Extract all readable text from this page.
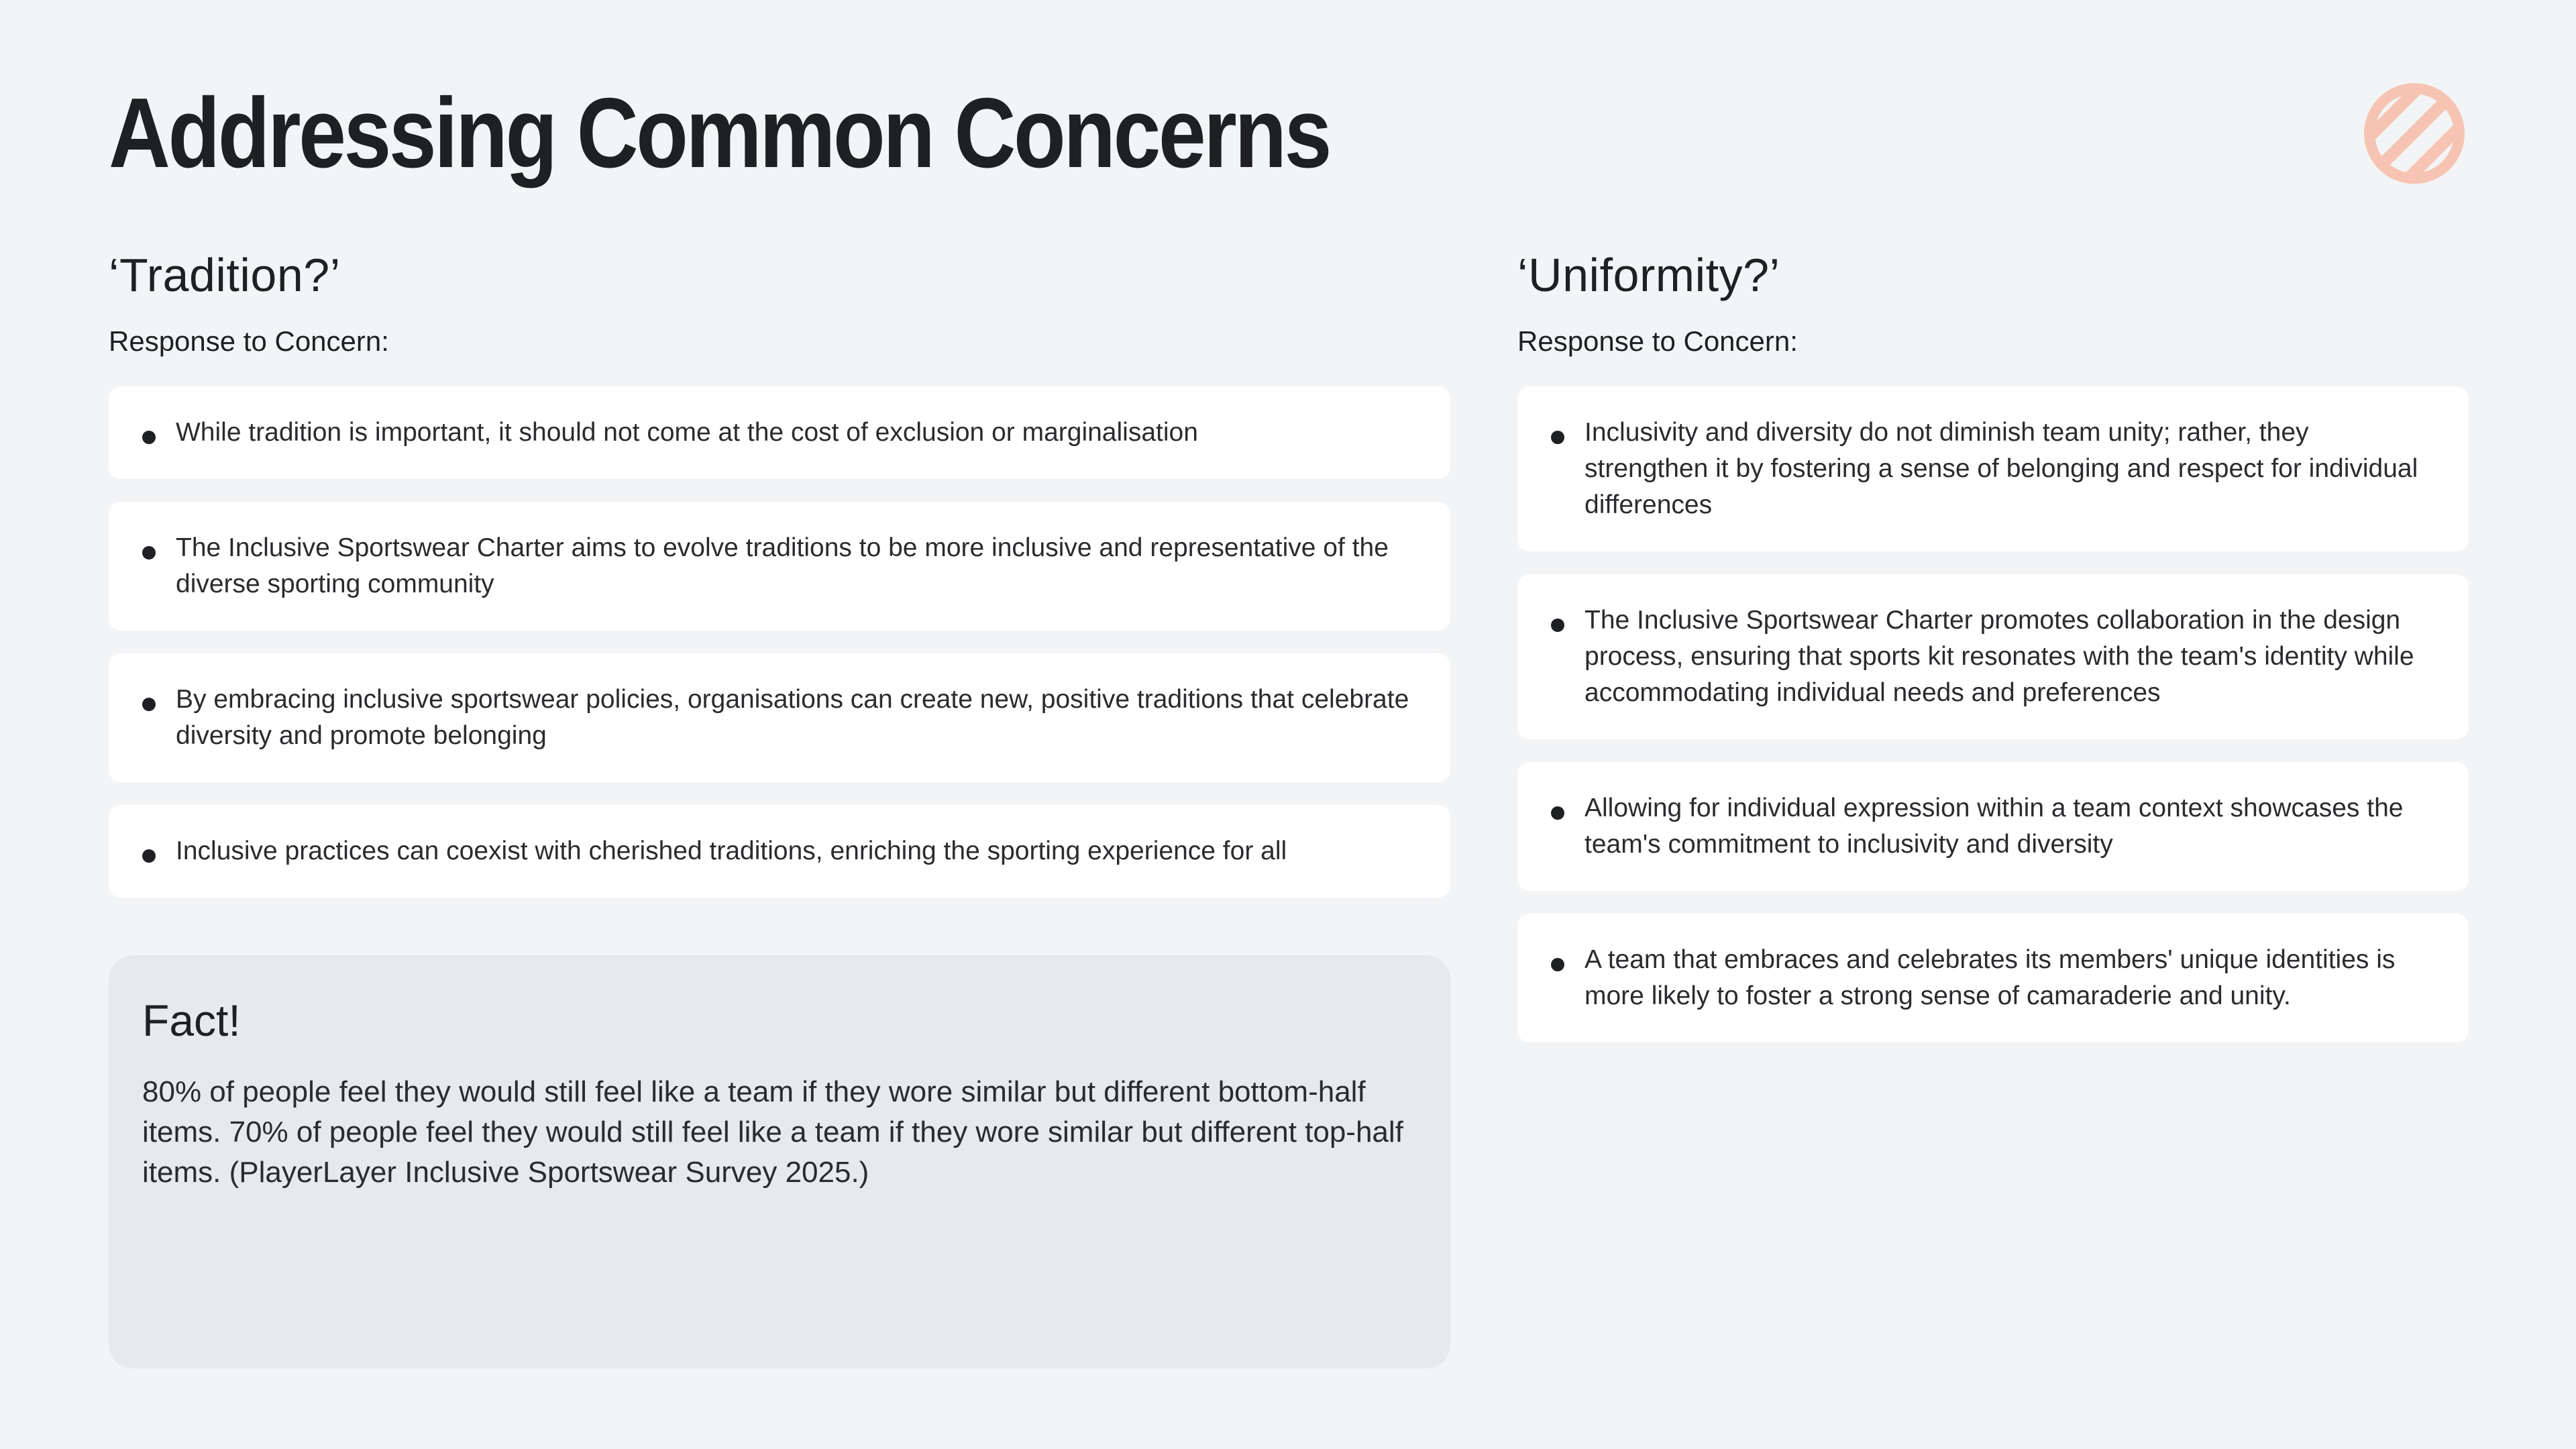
Addressing Common Concerns
‘Tradition?’
Response to Concern:
While tradition is important, it should not come at the cost of exclusion or marginalisation
The Inclusive Sportswear Charter aims to evolve traditions to be more inclusive and representative of the diverse sporting community
By embracing inclusive sportswear policies, organisations can create new, positive traditions that celebrate diversity and promote belonging
Inclusive practices can coexist with cherished traditions, enriching the sporting experience for all
‘Uniformity?’
Response to Concern:
Inclusivity and diversity do not diminish team unity; rather, they strengthen it by fostering a sense of belonging and respect for individual differences
The Inclusive Sportswear Charter promotes collaboration in the design process, ensuring that sports kit resonates with the team's identity while accommodating individual needs and preferences
Allowing for individual expression within a team context showcases the team's commitment to inclusivity and diversity
A team that embraces and celebrates its members' unique identities is more likely to foster a strong sense of camaraderie and unity.
Fact!

80% of people feel they would still feel like a team if they wore similar but different bottom-half items. 70% of people feel they would still feel like a team if they wore similar but different top-half items. (PlayerLayer Inclusive Sportswear Survey 2025.)
